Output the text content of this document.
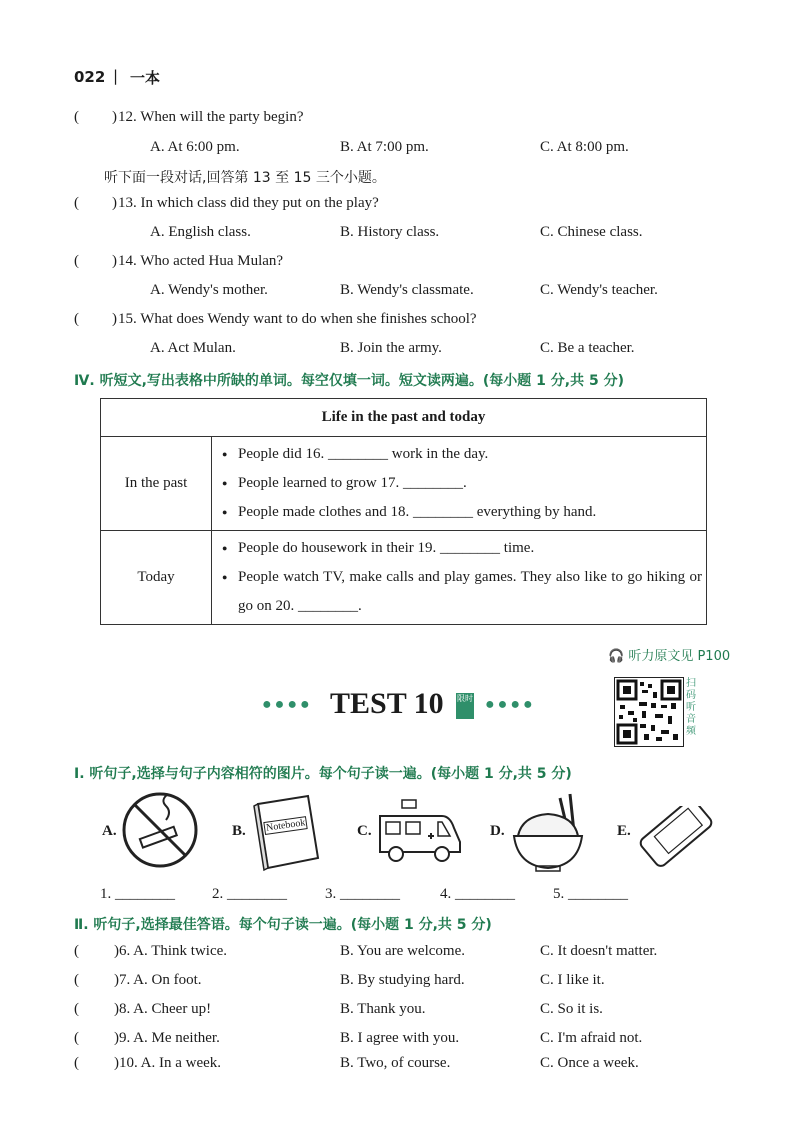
022 | 一本
( ) 12. When will the party begin?
A. At 6:00 pm.	B. At 7:00 pm.	C. At 8:00 pm.
听下面一段对话,回答第 13 至 15 三个小题。
( ) 13. In which class did they put on the play?
A. English class.	B. History class.	C. Chinese class.
( ) 14. Who acted Hua Mulan?
A. Wendy's mother.	B. Wendy's classmate.	C. Wendy's teacher.
( ) 15. What does Wendy want to do when she finishes school?
A. Act Mulan.	B. Join the army.	C. Be a teacher.
Ⅳ. 听短文,写出表格中所缺的单词。每空仅填一词。短文读两遍。(每小题 1 分,共 5 分)
Life in the past and today	
In the past	● People did 16. ________ work in the day.
● People learned to grow 17. ________.
● People made clothes and 18. ________ everything by hand.

Today	● People do housework in their 19. ________ time.
● People watch TV, make calls and play games. They also like to go hiking or go on 20. ________.
🎧 听力原文见 P100
●●●● TEST 10 限时 ●●●●
扫码听音频
Ⅰ. 听句子,选择与句子内容相符的图片。每个句子读一遍。(每小题 1 分,共 5 分)
A.	B. Notebook	C.	D.	E.
1. ________ 2. ________	3. ________	4. ________	5. ________
Ⅱ. 听句子,选择最佳答语。每个句子读一遍。(每小题 1 分,共 5 分)
( )6. A. Think twice.	B. You are welcome.	C. It doesn't matter.
( )7. A. On foot.	B. By studying hard.	C. I like it.
( )8. A. Cheer up!	B. Thank you.	C. So it is.
( )9. A. Me neither.	B. I agree with you.	C. I'm afraid not.
( )10. A. In a week.	B. Two, of course.	C. Once a week.
